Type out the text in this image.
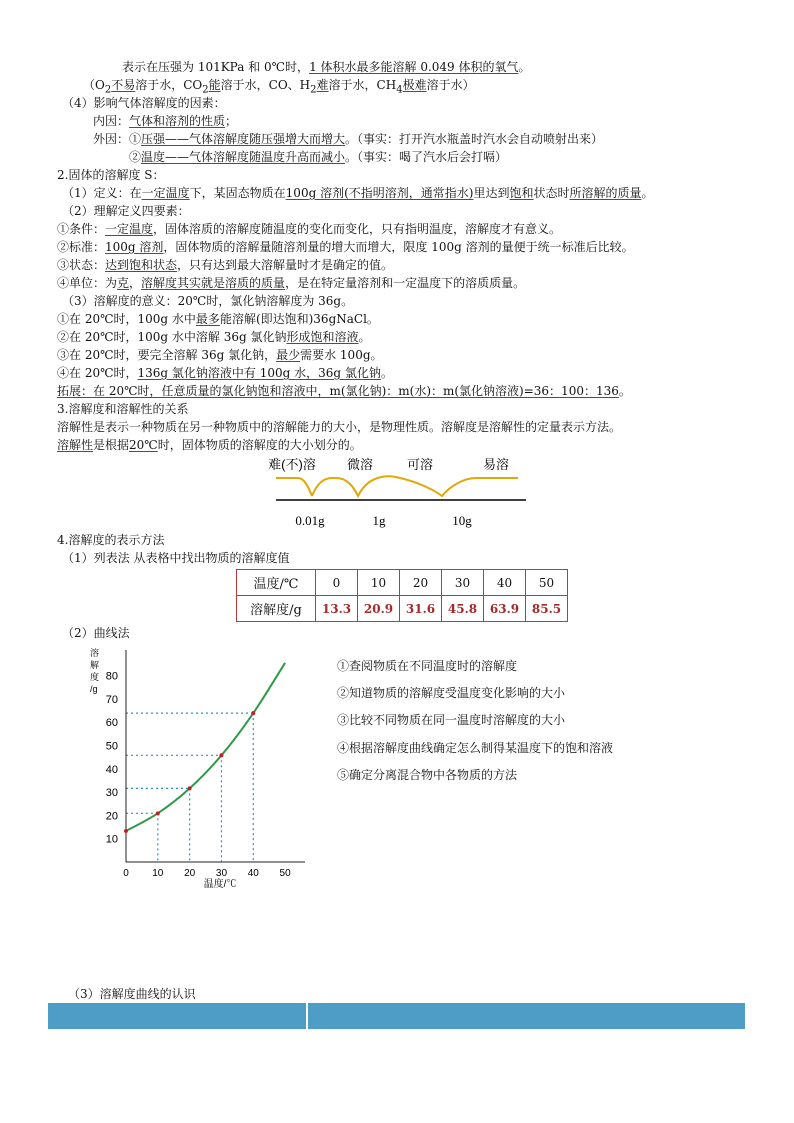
表示在压强为 101KPa 和 0℃时，1 体积水最多能溶解 0.049 体积的氧气。
（$O_2$不易溶于水，$CO_2$能溶于水，CO、$H_2$难溶于水，$CH_4$极难溶于水）
（4）影响气体溶解度的因素：
内因：气体和溶剂的性质；
外因：①压强——气体溶解度随压强增大而增大。（事实：打开汽水瓶盖时汽水会自动喷射出来）
②温度——气体溶解度随温度升高而减小。（事实：喝了汽水后会打嗝）
2.固体的溶解度 S：
（1）定义：在一定温度下，某固态物质在100g 溶剂(不指明溶剂，通常指水)里达到饱和状态时所溶解的质量。
（2）理解定义四要素：
①条件：一定温度，固体溶质的溶解度随温度的变化而变化，只有指明温度，溶解度才有意义。
②标准：100g 溶剂，固体物质的溶解量随溶剂量的增大而增大，限度 100g 溶剂的量便于统一标准后比较。
③状态：达到饱和状态，只有达到最大溶解量时才是确定的值。
④单位：为克，溶解度其实就是溶质的质量，是在特定量溶剂和一定温度下的溶质质量。
（3）溶解度的意义：20℃时，氯化钠溶解度为 36g。
①在 20℃时，100g 水中最多能溶解(即达饱和)36gNaCl。
②在 20℃时，100g 水中溶解 36g 氯化钠形成饱和溶液。
③在 20℃时，要完全溶解 36g 氯化钠，最少需要水 100g。
④在 20℃时，136g 氯化钠溶液中有 100g 水，36g 氯化钠。
拓展：在 20℃时，任意质量的氯化钠饱和溶液中，m(氯化钠)：m(水)：m(氯化钠溶液)=36：100：136。
3.溶解度和溶解性的关系
溶解性是表示一种物质在另一种物质中的溶解能力的大小，是物理性质。溶解度是溶解性的定量表示方法。
溶解性是根据20℃时，固体物质的溶解度的大小划分的。
难(不)溶 微溶	可溶	易溶
0.01g	1g	10g
4.溶解度的表示方法
（1）列表法 从表格中找出物质的溶解度值
温度/℃	0	10	20	30	40	50
溶解度/g	13.3	20.9	31.6	45.8	63.9	85.5
（2）曲线法
溶
解
度
/g
温度/℃
0 10 20 30 40 50
10
20
30
40
50
60
70
80
①查阅物质在不同温度时的溶解度
②知道物质的溶解度受温度变化影响的大小
③比较不同物质在同一温度时溶解度的大小
④根据溶解度曲线确定怎么制得某温度下的饱和溶液
⑤确定分离混合物中各物质的方法
（3）溶解度曲线的认识
